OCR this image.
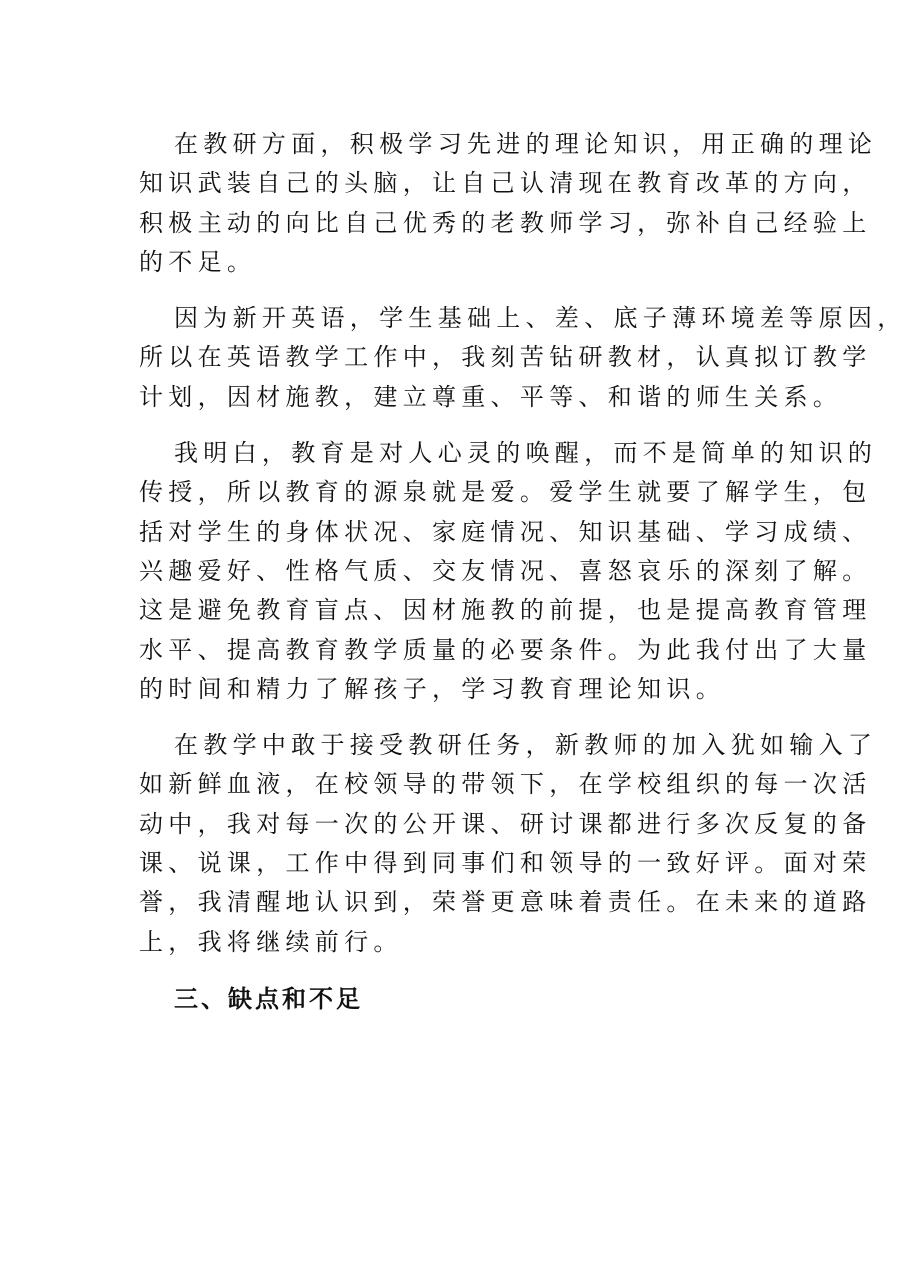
在教研方面，积极学习先进的理论知识，用正确的理论
知识武装自己的头脑，让自己认清现在教育改革的方向，
积极主动的向比自己优秀的老教师学习，弥补自己经验上
的不足。

因为新开英语，学生基础上、差、底子薄环境差等原因，
所以在英语教学工作中，我刻苦钻研教材，认真拟订教学
计划，因材施教，建立尊重、平等、和谐的师生关系。

我明白，教育是对人心灵的唤醒，而不是简单的知识的
传授，所以教育的源泉就是爱。爱学生就要了解学生，包
括对学生的身体状况、家庭情况、知识基础、学习成绩、
兴趣爱好、性格气质、交友情况、喜怒哀乐的深刻了解。
这是避免教育盲点、因材施教的前提，也是提高教育管理
水平、提高教育教学质量的必要条件。为此我付出了大量
的时间和精力了解孩子，学习教育理论知识。

在教学中敢于接受教研任务，新教师的加入犹如输入了
如新鲜血液，在校领导的带领下，在学校组织的每一次活
动中，我对每一次的公开课、研讨课都进行多次反复的备
课、说课，工作中得到同事们和领导的一致好评。面对荣
誉，我清醒地认识到，荣誉更意味着责任。在未来的道路
上，我将继续前行。

三、缺点和不足
